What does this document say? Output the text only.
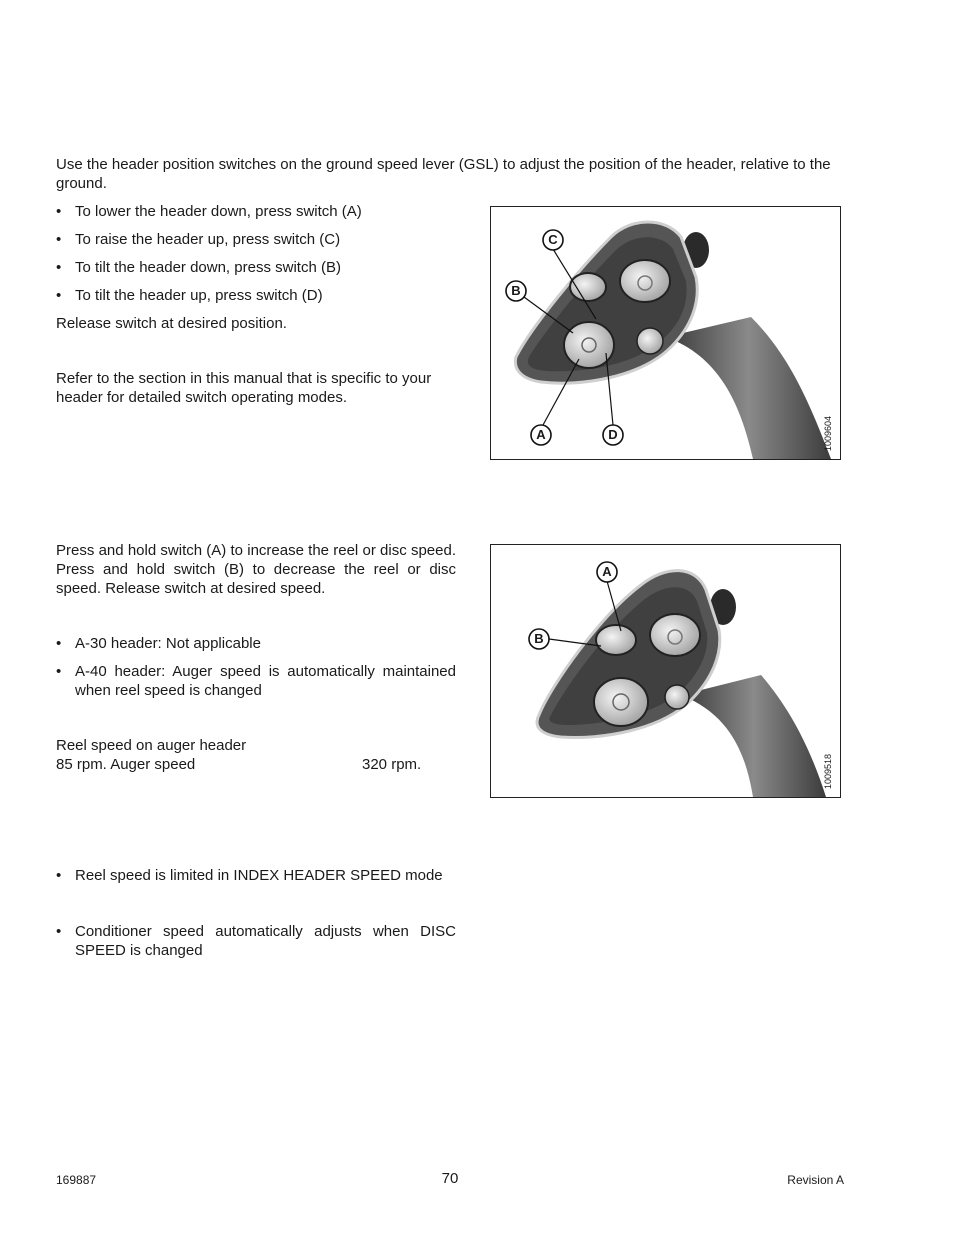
Use the header position switches on the ground speed lever (GSL) to adjust the position of the header, relative to the ground.
• To lower the header down, press switch (A)
• To raise the header up, press switch (C)
• To tilt the header down, press switch (B)
• To tilt the header up, press switch (D)
Release switch at desired position.
Refer to the section in this manual that is specific to your header for detailed switch operating modes.
C
B
A	D	1009604
Press and hold switch (A) to increase the reel or disc speed. Press and hold switch (B) to decrease the reel or disc speed. Release switch at desired speed.
• A-30 header: Not applicable
• A-40 header: Auger speed is automatically maintained when reel speed is changed
Reel speed on auger header
85 rpm. Auger speed	320 rpm.
• Reel speed is limited in INDEX HEADER SPEED mode
• Conditioner speed automatically adjusts when DISC SPEED is changed
A
B
1009518
169887	70	Revision A
